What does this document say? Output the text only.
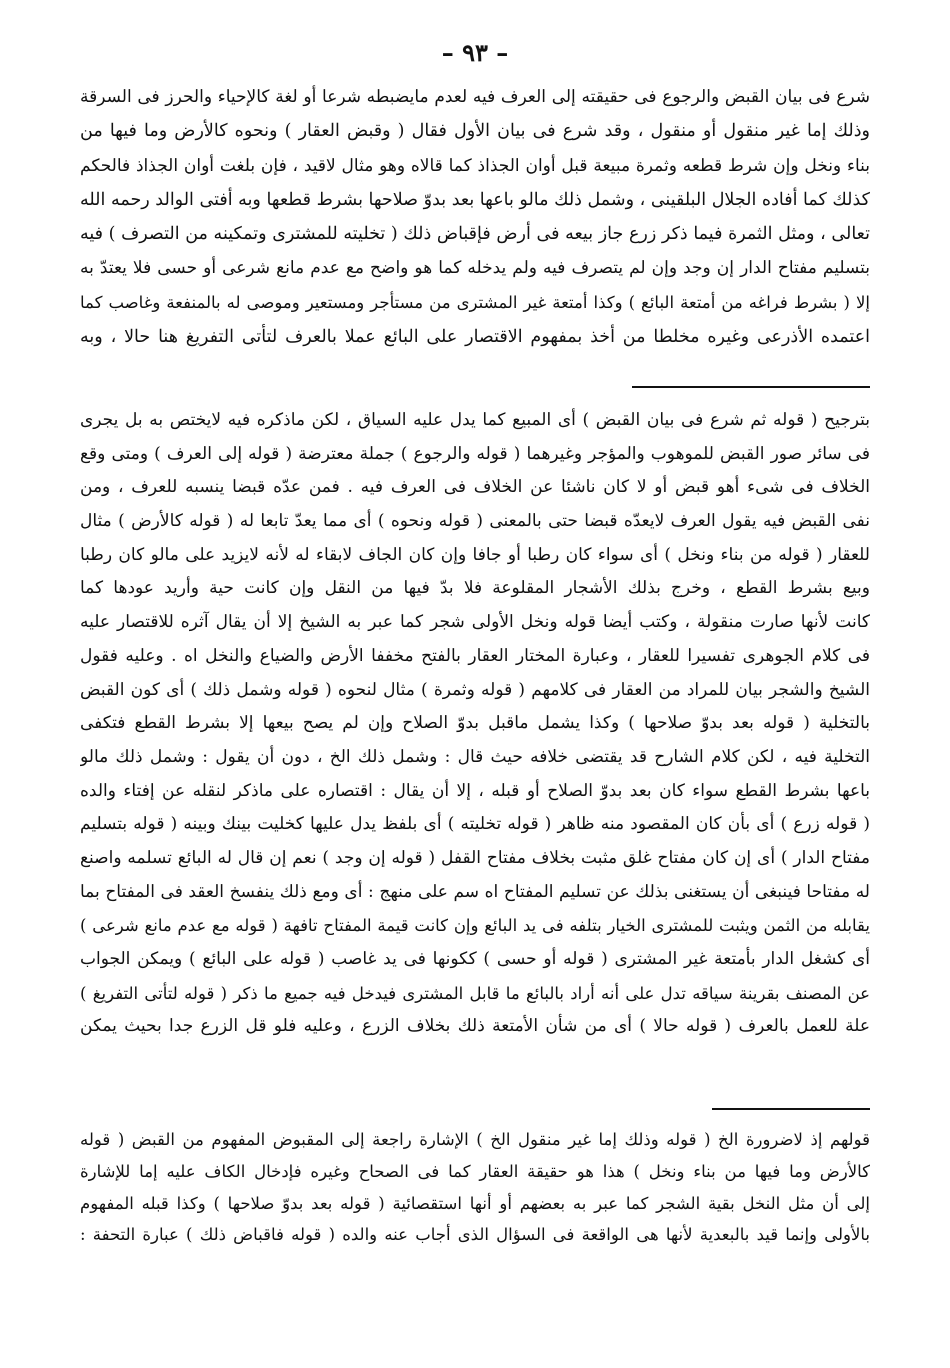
– ٩٣ –
شرع فى بيان القبض والرجوع فى حقيقته إلى العرف فيه لعدم مايضبطه شرعا أو لغة كالإحياء والحرز فى السرقة
وذلك إما غير منقول أو منقول ، وقد شرع فى بيان الأول فقال ( وقبض العقار ) ونحوه كالأرض وما فيها من
بناء ونخل وإن شرط قطعه وثمرة مبيعة قبل أوان الجذاذ كما قالاه وهو مثال لاقيد ، فإن بلغت أوان الجذاذ فالحكم
كذلك كما أفاده الجلال البلقينى ، وشمل ذلك مالو باعها بعد بدوّ صلاحها بشرط قطعها وبه أفتى الوالد رحمه الله
تعالى ، ومثل الثمرة فيما ذكر زرع جاز بيعه فى أرض فإقباض ذلك ( تخليته للمشترى وتمكينه من التصرف ) فيه
بتسليم مفتاح الدار إن وجد وإن لم يتصرف فيه ولم يدخله كما هو واضح مع عدم مانع شرعى أو حسى فلا يعتدّ به
إلا ( بشرط فراغه من أمتعة البائع ) وكذا أمتعة غير المشترى من مستأجر ومستعير وموصى له بالمنفعة وغاصب كما
اعتمده الأذرعى وغيره مخلطا من أخذ بمفهوم الاقتصار على البائع عملا بالعرف لتأتى التفريغ هنا حالا ، وبه
بترجيح ( قوله ثم شرع فى بيان القبض ) أى المبيع كما يدل عليه السياق ، لكن ماذكره فيه لايختص به بل يجرى
فى سائر صور القبض للموهوب والمؤجر وغيرهما ( قوله والرجوع ) جملة معترضة ( قوله إلى العرف ) ومتى وقع
الخلاف فى شىء أهو قبض أو لا كان ناشئا عن الخلاف فى العرف فيه . فمن عدّه قبضا ينسبه للعرف ، ومن
نفى القبض فيه يقول العرف لايعدّه قبضا حتى بالمعنى ( قوله ونحوه ) أى مما يعدّ تابعا له ( قوله كالأرض ) مثال
للعقار ( قوله من بناء ونخل ) أى سواء كان رطبا أو جافا وإن كان الجاف لابقاء له لأنه لايزيد على مالو كان رطبا
وبيع بشرط القطع ، وخرج بذلك الأشجار المقلوعة فلا بدّ فيها من النقل وإن كانت حية وأريد عودها كما
كانت لأنها صارت منقولة ، وكتب أيضا قوله ونخل الأولى شجر كما عبر به الشيخ إلا أن يقال آثره للاقتصار عليه
فى كلام الجوهرى تفسيرا للعقار ، وعبارة المختار العقار بالفتح مخففا الأرض والضياع والنخل اه . وعليه فقول
الشيخ والشجر بيان للمراد من العقار فى كلامهم ( قوله وثمرة ) مثال لنحوه ( قوله وشمل ذلك ) أى كون القبض
بالتخلية ( قوله بعد بدوّ صلاحها ) وكذا يشمل ماقبل بدوّ الصلاح وإن لم يصح بيعها إلا بشرط القطع فتكفى
التخلية فيه ، لكن كلام الشارح قد يقتضى خلافه حيث قال : وشمل ذلك الخ ، دون أن يقول : وشمل ذلك مالو
باعها بشرط القطع سواء كان بعد بدوّ الصلاح أو قبله ، إلا أن يقال : اقتصاره على ماذكر لنقله عن إفتاء والده
( قوله زرع ) أى بأن كان المقصود منه ظاهر ( قوله تخليته ) أى بلفظ يدل عليها كخليت بينك وبينه ( قوله بتسليم
مفتاح الدار ) أى إن كان مفتاح غلق مثبت بخلاف مفتاح القفل ( قوله إن وجد ) نعم إن قال له البائع تسلمه واصنع
له مفتاحا فينبغى أن يستغنى بذلك عن تسليم المفتاح اه سم على منهج : أى ومع ذلك ينفسخ العقد فى المفتاح بما
يقابله من الثمن ويثبت للمشترى الخيار بتلفه فى يد البائع وإن كانت قيمة المفتاح تافهة ( قوله مع عدم مانع شرعى )
أى كشغل الدار بأمتعة غير المشترى ( قوله أو حسى ) ككونها فى يد غاصب ( قوله على البائع ) ويمكن الجواب
عن المصنف بقرينة سياقه تدل على أنه أراد بالبائع ما قابل المشترى فيدخل فيه جميع ما ذكر ( قوله لتأتى التفريغ )
علة للعمل بالعرف ( قوله حالا ) أى من شأن الأمتعة ذلك بخلاف الزرع ، وعليه فلو قل الزرع جدا بحيث يمكن
قولهم إذ لاضرورة الخ ( قوله وذلك إما غير منقول الخ ) الإشارة راجعة إلى المقبوض المفهوم من القبض ( قوله
كالأرض وما فيها من بناء ونخل ) هذا هو حقيقة العقار كما فى الصحاح وغيره فإدخال الكاف عليه إما للإشارة
إلى أن مثل النخل بقية الشجر كما عبر به بعضهم أو أنها استقصائية ( قوله بعد بدوّ صلاحها ) وكذا قبله المفهوم
بالأولى وإنما قيد بالبعدية لأنها هى الواقعة فى السؤال الذى أجاب عنه والده ( قوله فاقباض ذلك ) عبارة التحفة :
